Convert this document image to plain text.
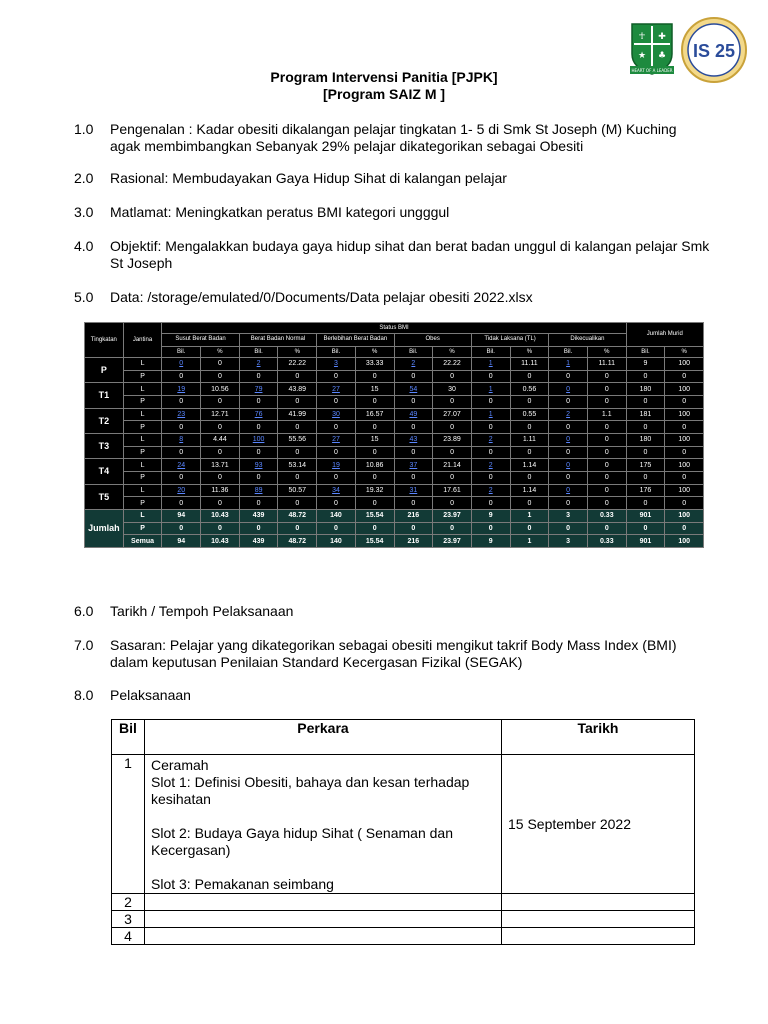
☥ ✚
★ ♣
HEART OF A LEADER
IS 25
Program Intervensi Panitia [PJPK]
[Program SAIZ M ]
1.0 Pengenalan : Kadar obesiti dikalangan pelajar tingkatan 1- 5 di Smk St Joseph (M) Kuching agak membimbangkan Sebanyak 29% pelajar dikategorikan sebagai Obesiti
2.0 Rasional: Membudayakan Gaya Hidup Sihat di kalangan pelajar
3.0 Matlamat: Meningkatkan peratus BMI kategori ungggul
4.0 Objektif: Mengalakkan budaya gaya hidup sihat dan berat badan unggul di kalangan pelajar Smk St Joseph
5.0 Data: /storage/emulated/0/Documents/Data pelajar obesiti 2022.xlsx
Tingkatan	Jantina	Status BMI												Jumlah Murid	
		Susut Berat Badan		Berat Badan Normal		Berlebihan Berat Badan		Obes		Tidak Laksana (TL)		Dikecualikan			
		Bil.	%	Bil.	%	Bil.	%	Bil.	%	Bil.	%	Bil.	%	Bil.	%
P	L	0	0	2	22.22	3	33.33	2	22.22	1	11.11	1	11.11	9	100
	P	0	0	0	0	0	0	0	0	0	0	0	0	0	0
T1	L	19	10.56	79	43.89	27	15	54	30	1	0.56	0	0	180	100
	P	0	0	0	0	0	0	0	0	0	0	0	0	0	0
T2	L	23	12.71	76	41.99	30	16.57	49	27.07	1	0.55	2	1.1	181	100
	P	0	0	0	0	0	0	0	0	0	0	0	0	0	0
T3	L	8	4.44	100	55.56	27	15	43	23.89	2	1.11	0	0	180	100
	P	0	0	0	0	0	0	0	0	0	0	0	0	0	0
T4	L	24	13.71	93	53.14	19	10.86	37	21.14	2	1.14	0	0	175	100
	P	0	0	0	0	0	0	0	0	0	0	0	0	0	0
T5	L	20	11.36	89	50.57	34	19.32	31	17.61	2	1.14	0	0	176	100
	P	0	0	0	0	0	0	0	0	0	0	0	0	0	0
Jumlah	L	94	10.43	439	48.72	140	15.54	216	23.97	9	1	3	0.33	901	100
	P	0	0	0	0	0	0	0	0	0	0	0	0	0	0
	Semua	94	10.43	439	48.72	140	15.54	216	23.97	9	1	3	0.33	901	100
6.0 Tarikh / Tempoh Pelaksanaan
7.0 Sasaran: Pelajar yang dikategorikan sebagai obesiti mengikut takrif Body Mass Index (BMI) dalam keputusan Penilaian Standard Kecergasan Fizikal (SEGAK)
8.0 Pelaksanaan
Bil	Perkara	Tarikh
1	Ceramah
Slot 1: Definisi Obesiti, bahaya dan kesan terhadap kesihatan
Slot 2: Budaya Gaya hidup Sihat ( Senaman dan Kecergasan)
Slot 3: Pemakanan seimbang	15 September 2022
2		
3		
4		
